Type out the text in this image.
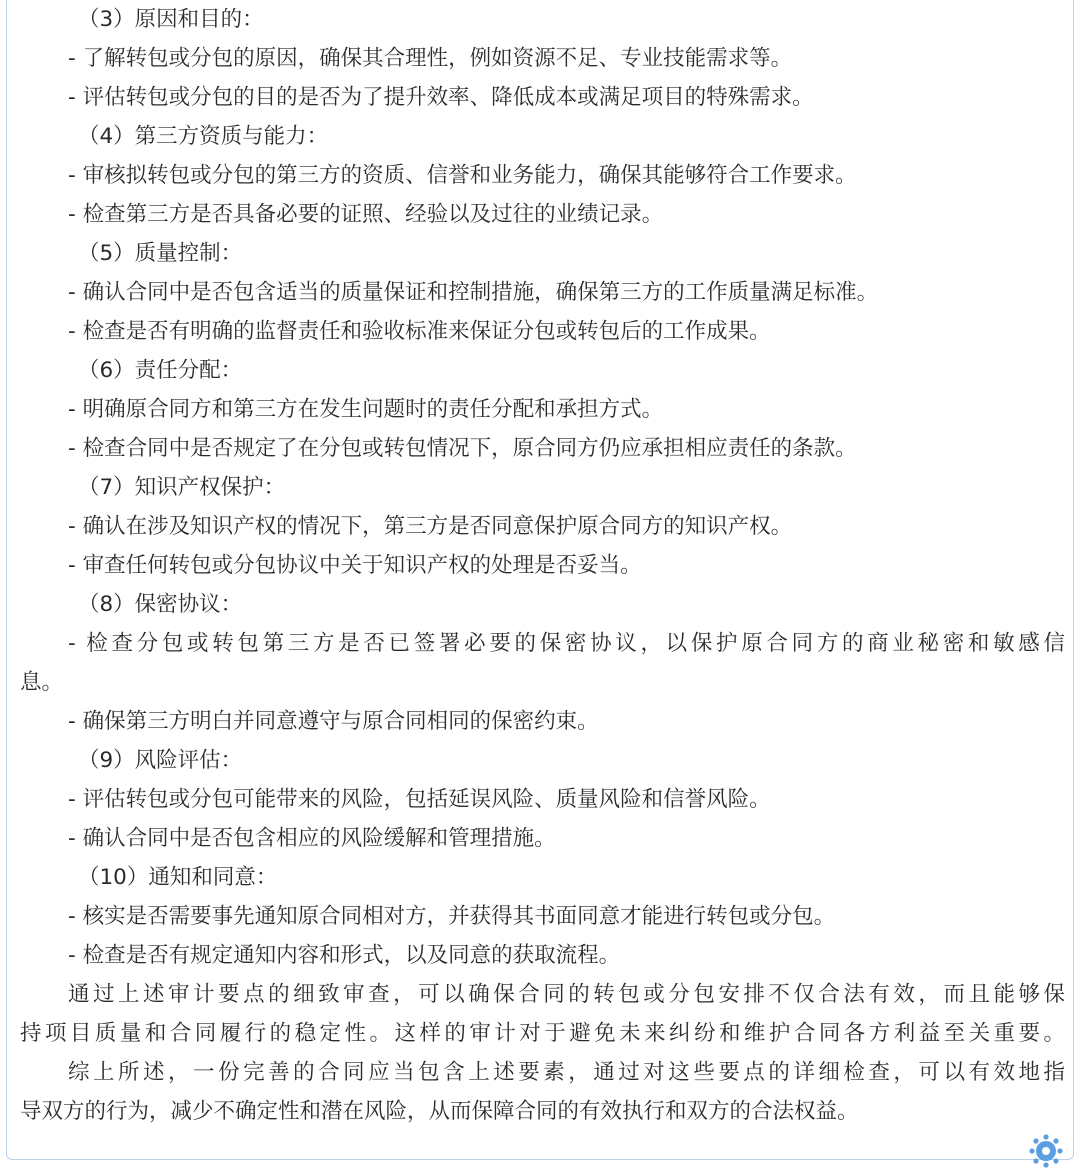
（3）原因和目的：
- 了解转包或分包的原因，确保其合理性，例如资源不足、专业技能需求等。
- 评估转包或分包的目的是否为了提升效率、降低成本或满足项目的特殊需求。
（4）第三方资质与能力：
- 审核拟转包或分包的第三方的资质、信誉和业务能力，确保其能够符合工作要求。
- 检查第三方是否具备必要的证照、经验以及过往的业绩记录。
（5）质量控制：
- 确认合同中是否包含适当的质量保证和控制措施，确保第三方的工作质量满足标准。
- 检查是否有明确的监督责任和验收标准来保证分包或转包后的工作成果。
（6）责任分配：
- 明确原合同方和第三方在发生问题时的责任分配和承担方式。
- 检查合同中是否规定了在分包或转包情况下，原合同方仍应承担相应责任的条款。
（7）知识产权保护：
- 确认在涉及知识产权的情况下，第三方是否同意保护原合同方的知识产权。
- 审查任何转包或分包协议中关于知识产权的处理是否妥当。
（8）保密协议：
- 检查分包或转包第三方是否已签署必要的保密协议，以保护原合同方的商业秘密和敏感信
息。
- 确保第三方明白并同意遵守与原合同相同的保密约束。
（9）风险评估：
- 评估转包或分包可能带来的风险，包括延误风险、质量风险和信誉风险。
- 确认合同中是否包含相应的风险缓解和管理措施。
（10）通知和同意：
- 核实是否需要事先通知原合同相对方，并获得其书面同意才能进行转包或分包。
- 检查是否有规定通知内容和形式，以及同意的获取流程。
通过上述审计要点的细致审查，可以确保合同的转包或分包安排不仅合法有效，而且能够保
持项目质量和合同履行的稳定性。这样的审计对于避免未来纠纷和维护合同各方利益至关重要。
综上所述，一份完善的合同应当包含上述要素，通过对这些要点的详细检查，可以有效地指
导双方的行为，减少不确定性和潜在风险，从而保障合同的有效执行和双方的合法权益。
